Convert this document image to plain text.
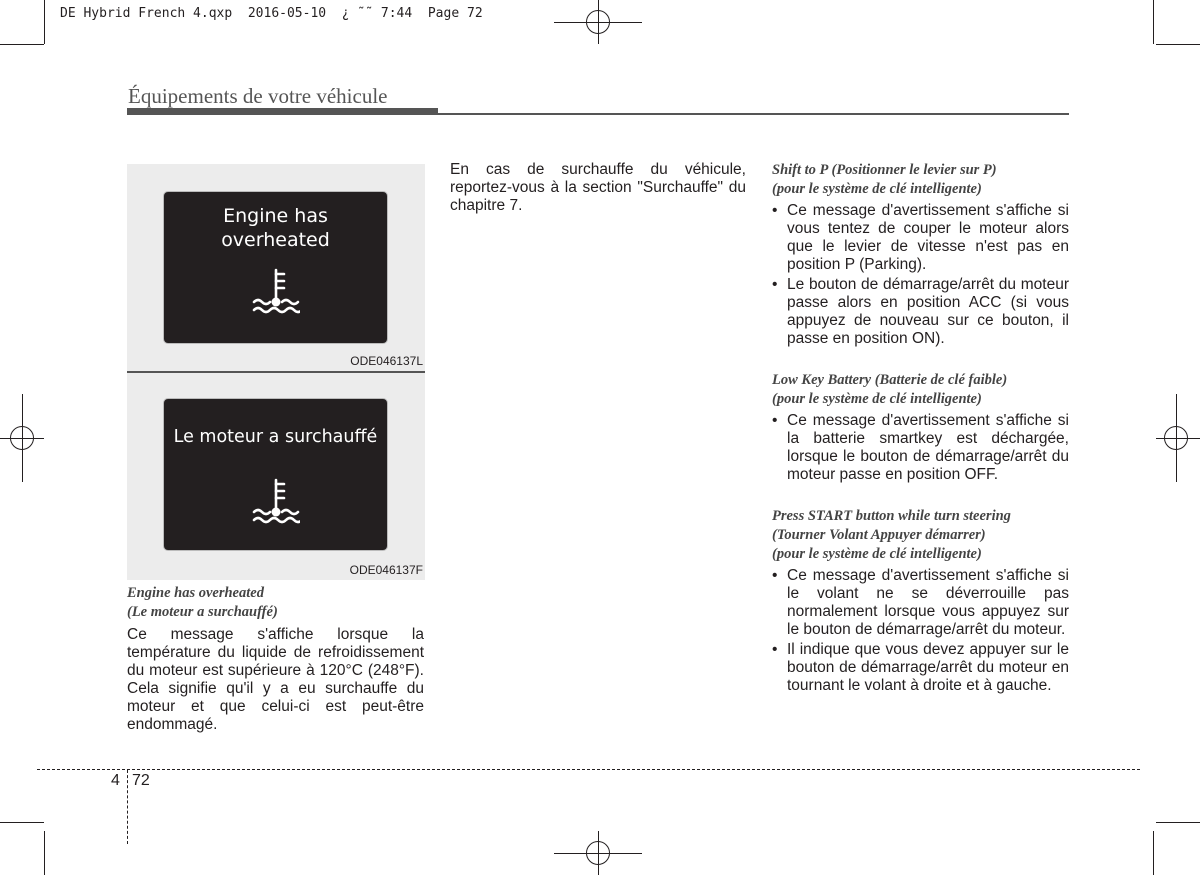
DE Hybrid French 4.qxp  2016-05-10  ¿ ˜˜ 7:44  Page 72
Équipements de votre véhicule
Engine has
overheated
ODE046137L
Le moteur a surchauffé
ODE046137F
Engine has overheated
(Le moteur a surchauffé)
Ce message s'affiche lorsque la température du liquide de refroidissement du moteur est supérieure à 120°C (248°F). Cela signifie qu'il y a eu surchauffe du moteur et que celui-ci est peut-être endommagé.
En cas de surchauffe du véhicule, reportez-vous à la section "Surchauffe" du chapitre 7.
Shift to P (Positionner le levier sur P)
(pour le système de clé intelligente)
• Ce message d'avertissement s'affiche si vous tentez de couper le moteur alors que le levier de vitesse n'est pas en position P (Parking).
• Le bouton de démarrage/arrêt du moteur passe alors en position ACC (si vous appuyez de nouveau sur ce bouton, il passe en position ON).
Low Key Battery (Batterie de clé faible)
(pour le système de clé intelligente)
• Ce message d'avertissement s'affiche si la batterie smartkey est déchargée, lorsque le bouton de démarrage/arrêt du moteur passe en position OFF.
Press START button while turn steering
(Tourner Volant Appuyer démarrer)
(pour le système de clé intelligente)
• Ce message d'avertissement s'affiche si le volant ne se déverrouille pas normalement lorsque vous appuyez sur le bouton de démarrage/arrêt du moteur.
• Il indique que vous devez appuyer sur le bouton de démarrage/arrêt du moteur en tournant le volant à droite et à gauche.
4 72
